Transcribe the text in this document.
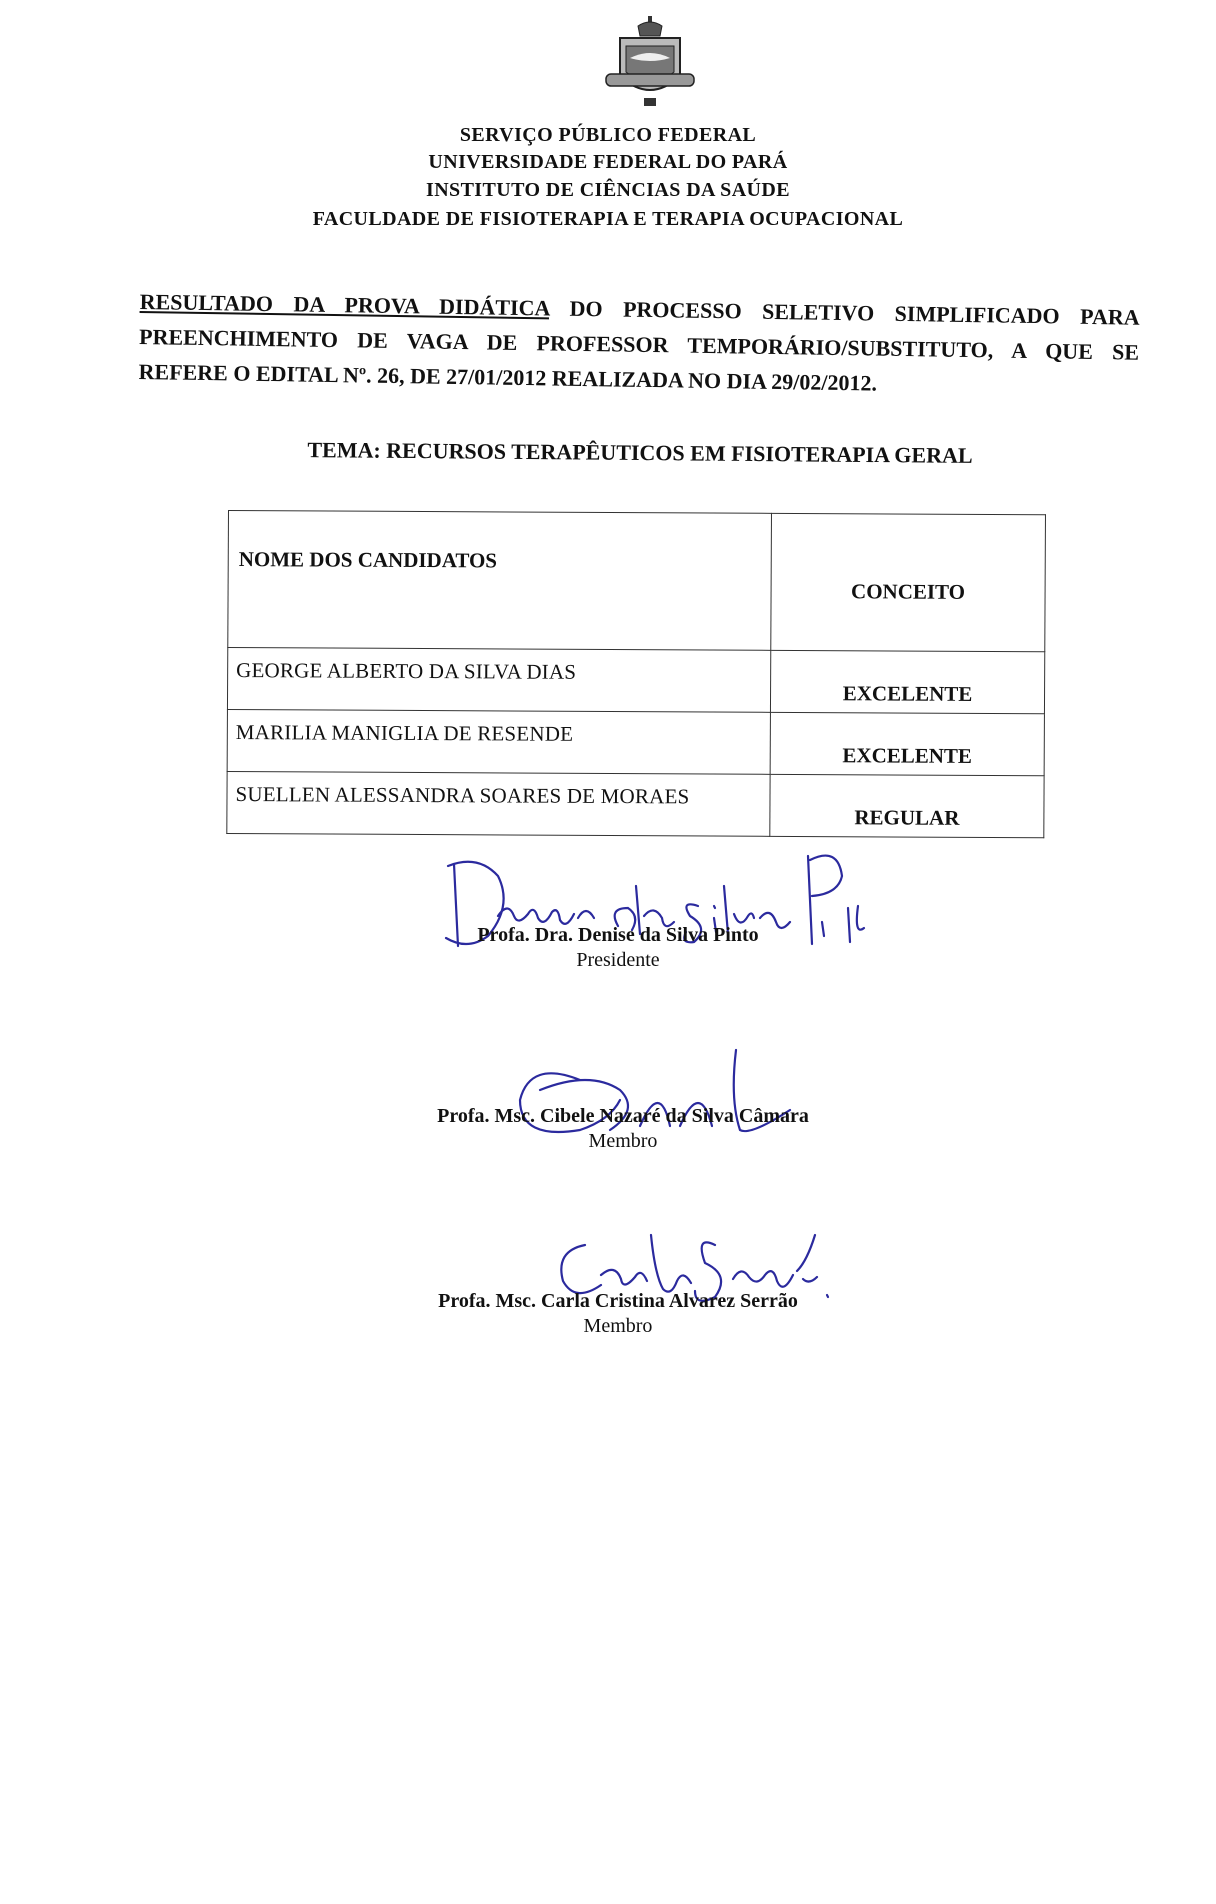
SERVIÇO PÚBLICO FEDERAL
UNIVERSIDADE FEDERAL DO PARÁ
INSTITUTO DE CIÊNCIAS DA SAÚDE
FACULDADE DE FISIOTERAPIA E TERAPIA OCUPACIONAL
RESULTADO DA PROVA DIDÁTICA DO PROCESSO SELETIVO SIMPLIFICADO PARA
PREENCHIMENTO DE VAGA DE PROFESSOR TEMPORÁRIO/SUBSTITUTO, A QUE SE
REFERE O EDITAL Nº. 26, DE 27/01/2012 REALIZADA NO DIA 29/02/2012.
TEMA: RECURSOS TERAPÊUTICOS EM FISIOTERAPIA GERAL
NOME DOS CANDIDATOS	CONCEITO
GEORGE ALBERTO DA SILVA DIAS	EXCELENTE
MARILIA MANIGLIA DE RESENDE	EXCELENTE
SUELLEN ALESSANDRA SOARES DE MORAES	REGULAR
Profa. Dra. Denise da Silva Pinto
Presidente
Profa. Msc. Cibele Nazaré da Silva Câmara
Membro
Profa. Msc. Carla Cristina Alvarez Serrão
Membro
